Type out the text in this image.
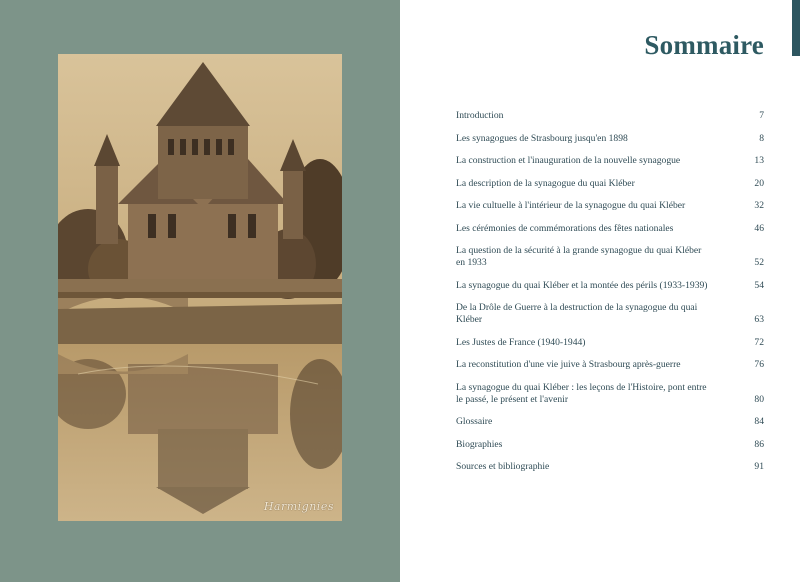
Harmignies
Sommaire
Introduction	7
Les synagogues de Strasbourg jusqu'en 1898	8
La construction et l'inauguration de la nouvelle synagogue	13
La description de la synagogue du quai Kléber	20
La vie cultuelle à l'intérieur de la synagogue du quai Kléber	32
Les cérémonies de commémorations des fêtes nationales	46
La question de la sécurité à la grande synagogue du quai Kléber en 1933	52
La synagogue du quai Kléber et la montée des périls (1933-1939)	54
De la Drôle de Guerre à la destruction de la synagogue du quai Kléber	63
Les Justes de France (1940-1944)	72
La reconstitution d'une vie juive à Strasbourg après-guerre	76
La synagogue du quai Kléber : les leçons de l'Histoire, pont entre le passé, le présent et l'avenir	80
Glossaire	84
Biographies	86
Sources et bibliographie	91
